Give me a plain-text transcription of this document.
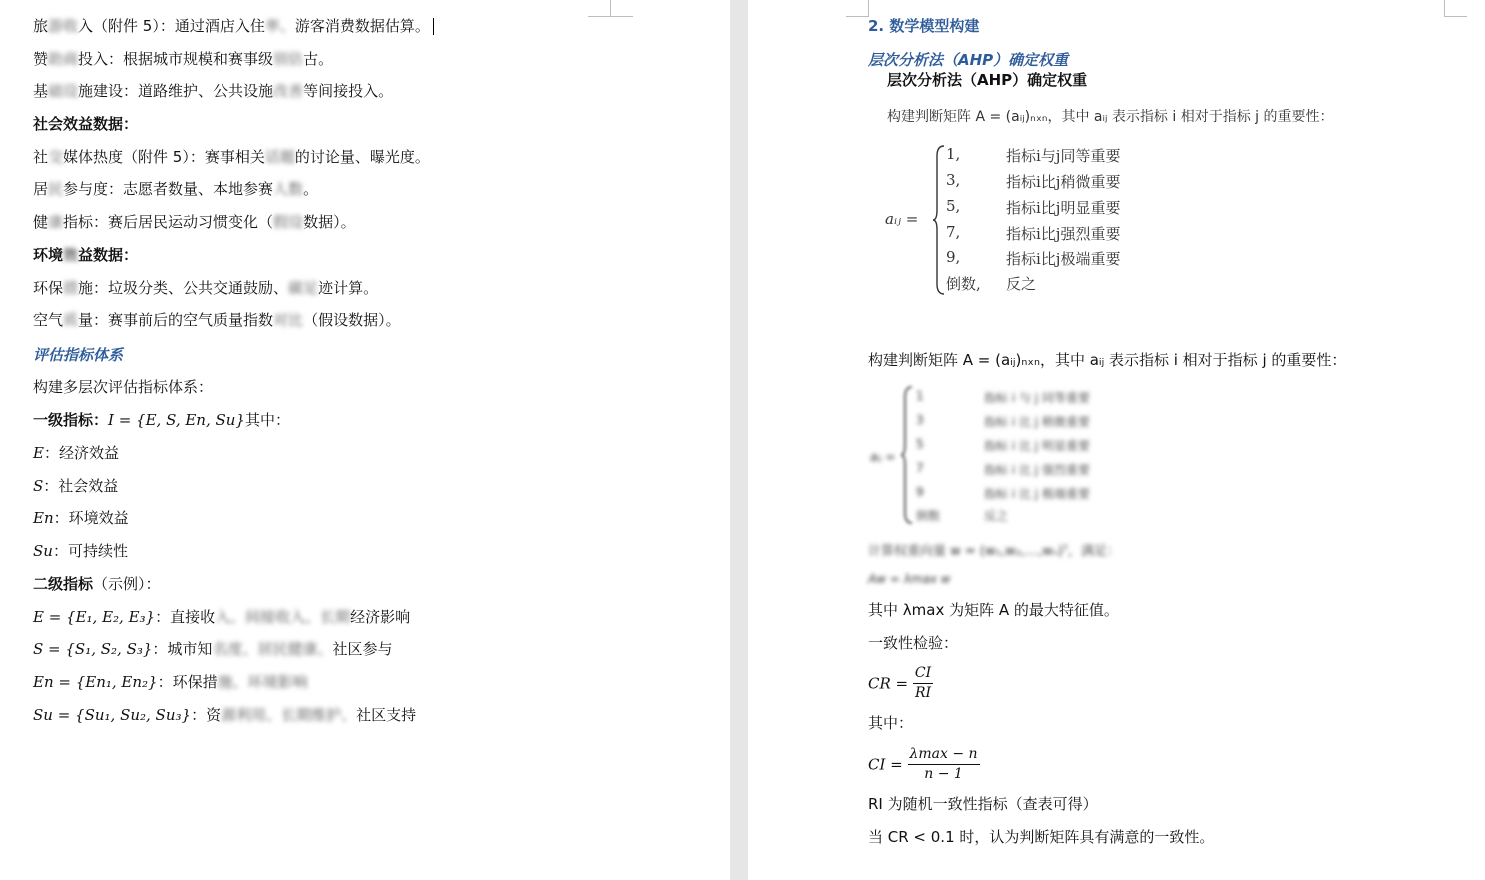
旅游收入（附件 5）：通过酒店入住率、游客消费数据估算。
赞助商投入：根据城市规模和赛事级别估古。
基础设施建设：道路维护、公共设施改善等间接投入。
社会效益数据：
社交媒体热度（附件 5）：赛事相关话题的讨论量、曝光度。
居民参与度：志愿者数量、本地参赛人数。
健康指标：赛后居民运动习惯变化（假设数据）。
环境效益数据：
环保措施：垃圾分类、公共交通鼓励、碳足迹计算。
空气质量：赛事前后的空气质量指数对比（假设数据）。
评估指标体系
构建多层次评估指标体系：
一级指标：I = {E, S, En, Su}其中：
E：经济效益
S：社会效益
En：环境效益
Su：可持续性
二级指标（示例）：
E = {E₁, E₂, E₃}：直接收入、间接收入、长期经济影响
S = {S₁, S₂, S₃}：城市知名度、居民健康、社区参与
En = {En₁, En₂}：环保措施、环境影响
Su = {Su₁, Su₂, Su₃}：资源利用、长期维护、社区支持
2. 数学模型构建
层次分析法（AHP）确定权重
层次分析法（AHP）确定权重
构建判断矩阵 A = (aᵢⱼ)ₙₓₙ，其中 aᵢⱼ 表示指标 i 相对于指标 j 的重要性：
aᵢⱼ =
1,	指标i与j同等重要
3,	指标i比j稍微重要
5,	指标i比j明显重要
7,	指标i比j强烈重要
9,	指标i比j极端重要
倒数, 反之
构建判断矩阵 A = (aᵢⱼ)ₙₓₙ，其中 aᵢⱼ 表示指标 i 相对于指标 j 的重要性：
aᵢⱼ =
1	指标 i 与 j 同等重要
3	指标 i 比 j 稍微重要
5	指标 i 比 j 明显重要
7	指标 i 比 j 强烈重要
9	指标 i 比 j 极端重要
倒数	反之
计算权重向量 w = (w₁,w₂,…,wₙ)ᵀ，满足：
Aw = λmax w
其中 λmax 为矩阵 A 的最大特征值。
一致性检验：
CR = $\frac{CI}{RI}$
其中：
CI = $\frac{\lambda\max - n}{n - 1}$
RI 为随机一致性指标（查表可得）
当 CR < 0.1 时，认为判断矩阵具有满意的一致性。
